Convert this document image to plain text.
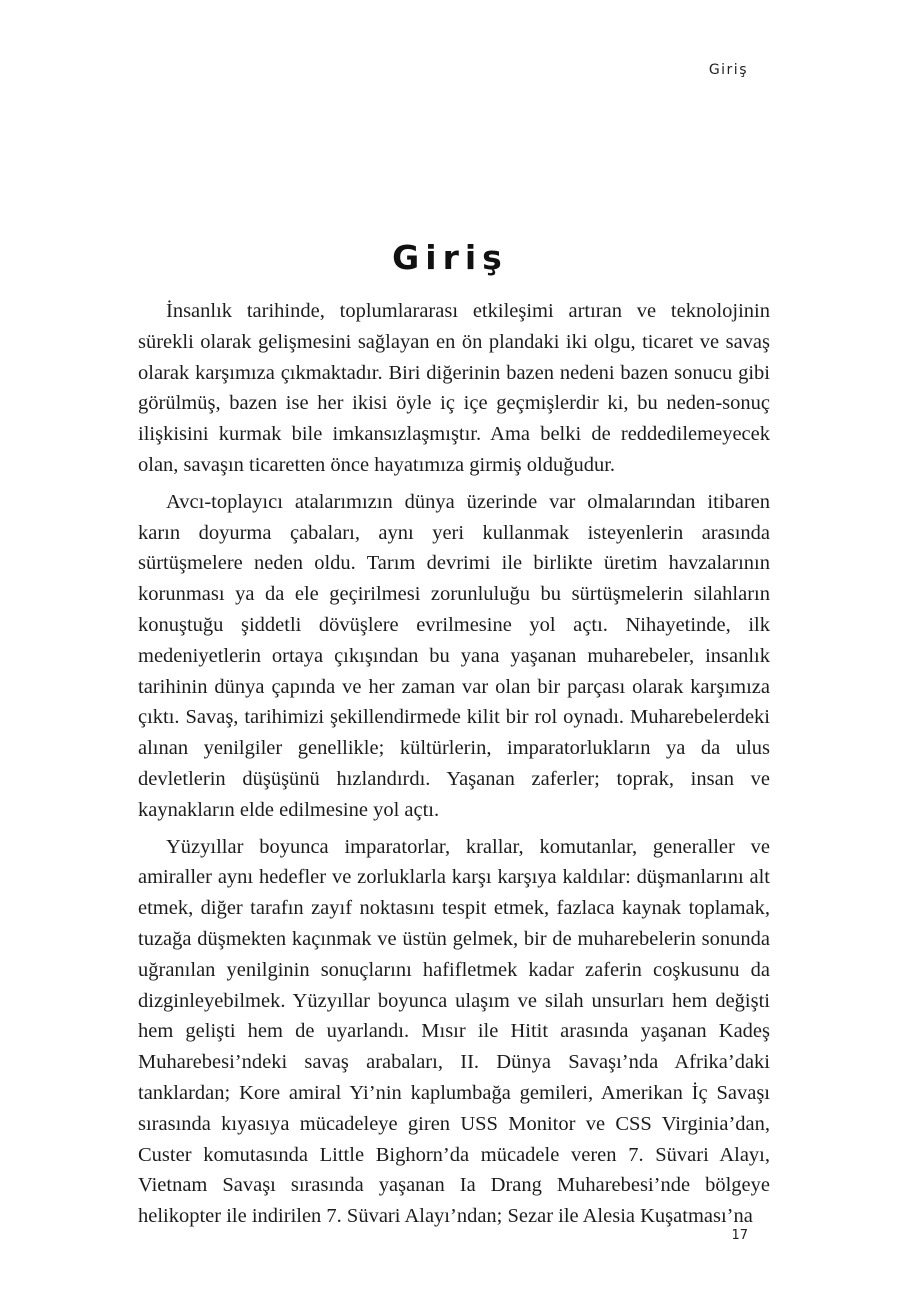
Giriş
Giriş

İnsanlık tarihinde, toplumlararası etkileşimi artıran ve teknolojinin sürekli olarak gelişmesini sağlayan en ön plandaki iki olgu, ticaret ve savaş olarak karşımıza çıkmaktadır. Biri diğerinin bazen nedeni bazen sonucu gibi görülmüş, bazen ise her ikisi öyle iç içe geçmişlerdir ki, bu neden-sonuç ilişkisini kurmak bile imkansızlaşmıştır. Ama belki de reddedilemeyecek olan, savaşın ticaretten önce hayatımıza girmiş olduğudur.

Avcı-toplayıcı atalarımızın dünya üzerinde var olmalarından itibaren karın doyurma çabaları, aynı yeri kullanmak isteyenlerin arasında sürtüşmelere neden oldu. Tarım devrimi ile birlikte üretim havzalarının korunması ya da ele geçirilmesi zorunluluğu bu sürtüşmelerin silahların konuştuğu şiddetli dövüşlere evrilmesine yol açtı. Nihayetinde, ilk medeniyetlerin ortaya çıkışından bu yana yaşanan muharebeler, insanlık tarihinin dünya çapında ve her zaman var olan bir parçası olarak karşımıza çıktı. Savaş, tarihimizi şekillendirmede kilit bir rol oynadı. Muharebelerdeki alınan yenilgiler genellikle; kültürlerin, imparatorlukların ya da ulus devletlerin düşüşünü hızlandırdı. Yaşanan zaferler; toprak, insan ve kaynakların elde edilmesine yol açtı.

Yüzyıllar boyunca imparatorlar, krallar, komutanlar, generaller ve amiraller aynı hedefler ve zorluklarla karşı karşıya kaldılar: düşmanlarını alt etmek, diğer tarafın zayıf noktasını tespit etmek, fazlaca kaynak toplamak, tuzağa düşmekten kaçınmak ve üstün gelmek, bir de muharebelerin sonunda uğranılan yenilginin sonuçlarını hafifletmek kadar zaferin coşkusunu da dizginleyebilmek. Yüzyıllar boyunca ulaşım ve silah unsurları hem değişti hem gelişti hem de uyarlandı. Mısır ile Hitit arasında yaşanan Kadeş Muharebesi’ndeki savaş arabaları, II. Dünya Savaşı’nda Afrika’daki tanklardan; Kore amiral Yi’nin kaplumbağa gemileri, Amerikan İç Savaşı sırasında kıyasıya mücadeleye giren USS Monitor ve CSS Virginia’dan, Custer komutasında Little Bighorn’da mücadele veren 7. Süvari Alayı, Vietnam Savaşı sırasında yaşanan Ia Drang Muharebesi’nde bölgeye helikopter ile indirilen 7. Süvari Alayı’ndan; Sezar ile Alesia Kuşatması’na

17
